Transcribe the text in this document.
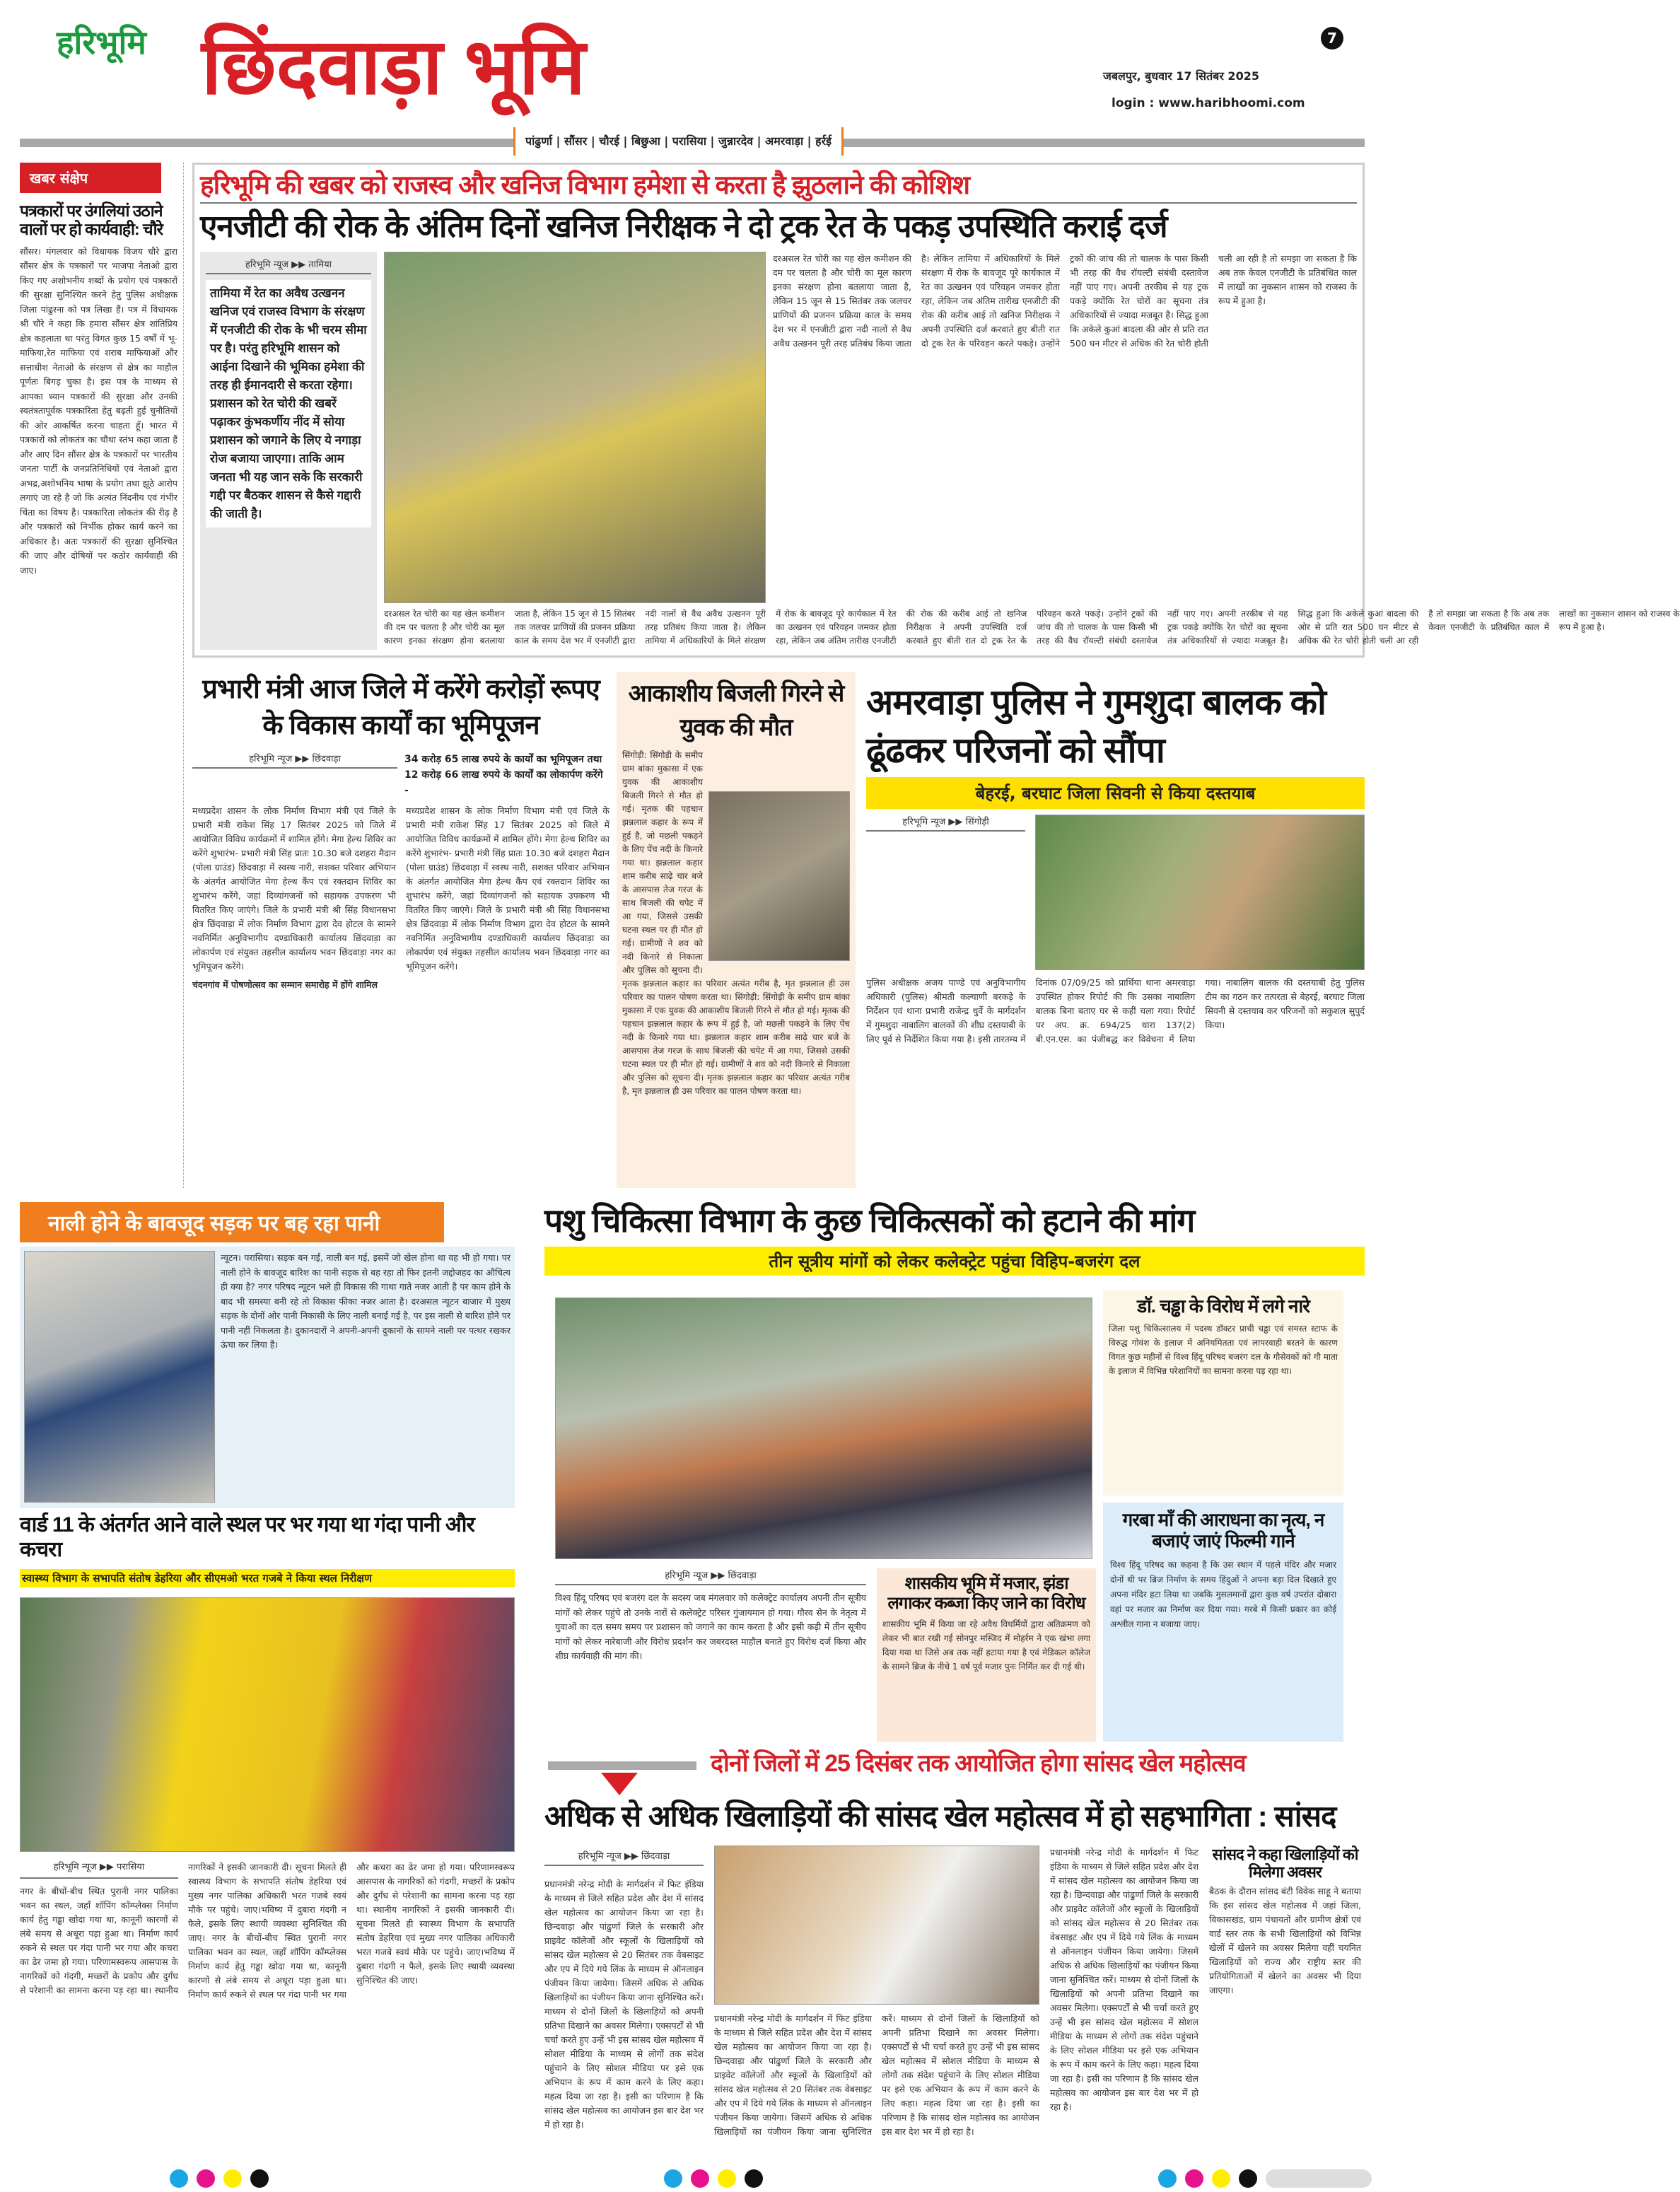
हरिभूमि छिंदवाड़ा भूमि	7
जबलपुर, बुधवार 17 सितंबर 2025
login : www.haribhoomi.com
पांढुर्णा | सौंसर | चौरई | बिछुआ | परासिया | जुन्नारदेव | अमरवाड़ा | हर्रई
खबर संक्षेप
पत्रकारों पर उंगलियां उठाने वालों पर हो कार्यवाही: चौरे
सौंसर। मंगलवार को विधायक विजय चौरे द्वारा सौंसर क्षेत्र के पत्रकारों पर भाजपा नेताओ द्वारा किए गए अशोभनीय शब्दों के प्रयोग एवं पत्रकारों की सुरक्षा सुनिश्चित करने हेतु पुलिस अधीक्षक जिला पांढुरना को पत्र लिखा हैं। पत्र में विधायक श्री चौरे ने कहा कि हमारा सौंसर क्षेत्र शांतिप्रिय क्षेत्र कहलाता था परंतु विगत कुछ 15 वर्षों में भू-माफिया,रेत माफिया एवं शराब माफियाओं और सत्ताधीश नेताओ के संरक्षण से क्षेत्र का माहौल पूर्णतः बिगड़ चुका है। इस पत्र के माध्यम से आपका ध्यान पत्रकारों की सुरक्षा और उनकी स्वतंत्रतापूर्वक पत्रकारिता हेतु बढ़ती हुई चुनौतियों की ओर आकर्षित करना चाहता हूँ। भारत में पत्रकारों को लोकतंत्र का चौथा स्तंभ कहा जाता हैं और आए दिन सौंसर क्षेत्र के पत्रकारों पर भारतीय जनता पार्टी के जनप्रतिनिधियों एवं नेताओ द्वारा अभद्र,अशोभनिय भाषा के प्रयोग तथा झूठे आरोप लगाएं जा रहे है जो कि अत्यंत निंदनीय एवं गंभीर चिंता का विषय है। पत्रकारिता लोकतंत्र की रीढ़ है और पत्रकारों को निर्भीक होकर कार्य करने का अधिकार है। अतः पत्रकारों की सुरक्षा सुनिश्चित की जाए और दोषियों पर कठोर कार्यवाही की जाए।
हरिभूमि की खबर को राजस्व और खनिज विभाग हमेशा से करता है झुठलाने की कोशिश
एनजीटी की रोक के अंतिम दिनों खनिज निरीक्षक ने दो ट्रक रेत के पकड़ उपस्थिति कराई दर्ज
हरिभूमि न्यूज ▶▶ तामिया
तामिया में रेत का अवैध उत्खनन खनिज एवं राजस्व विभाग के संरक्षण में एनजीटी की रोक के भी चरम सीमा पर है। परंतु हरिभूमि शासन को आईना दिखाने की भूमिका हमेशा की तरह ही ईमानदारी से करता रहेगा। प्रशासन को रेत चोरी की खबरें पढ़ाकर कुंभकर्णीय नींद में सोया प्रशासन को जगाने के लिए ये नगाड़ा रोज बजाया जाएगा। ताकि आम जनता भी यह जान सके कि सरकारी गद्दी पर बैठकर शासन से कैसे गद्दारी की जाती है।
दरअसल रेत चोरी का यह खेल कमीशन की दम पर चलता है और चोरी का मूल कारण इनका संरक्षण होना बतलाया जाता है, लेकिन 15 जून से 15 सितंबर तक जलचर प्राणियों की प्रजनन प्रक्रिया काल के समय देश भर में एनजीटी द्वारा नदी नालों से वैध अवैध उत्खनन पूरी तरह प्रतिबंध किया जाता है। लेकिन तामिया में अधिकारियों के मिले संरक्षण में रोक के बावजूद पूरे कार्यकाल में रेत का उत्खनन एवं परिवहन जमकर होता रहा, लेकिन जब अंतिम तारीख एनजीटी की रोक की करीब आई तो खनिज निरीक्षक ने अपनी उपस्थिति दर्ज करवाते हुए बीती रात दो ट्रक रेत के परिवहन करते पकड़े। उन्होंने ट्रकों की जांच की तो चालक के पास किसी भी तरह की वैध रॉयल्टी संबंधी दस्तावेज नहीं पाए गए। अपनी तरकीब से यह ट्रक पकड़े क्योंकि रेत चोरों का सूचना तंत्र अधिकारियों से ज्यादा मजबूत है। सिद्ध हुआ कि अकेले कुआं बादला की ओर से प्रति रात 500 घन मीटर से अधिक की रेत चोरी होती चली आ रही है तो समझा जा सकता है कि अब तक केवल एनजीटी के प्रतिबंधित काल में लाखों का नुकसान शासन को राजस्व के रूप में हुआ है।
दरअसल रेत चोरी का यह खेल कमीशन की दम पर चलता है और चोरी का मूल कारण इनका संरक्षण होना बतलाया जाता है, लेकिन 15 जून से 15 सितंबर तक जलचर प्राणियों की प्रजनन प्रक्रिया काल के समय देश भर में एनजीटी द्वारा नदी नालों से वैध अवैध उत्खनन पूरी तरह प्रतिबंध किया जाता है। लेकिन तामिया में अधिकारियों के मिले संरक्षण में रोक के बावजूद पूरे कार्यकाल में रेत का उत्खनन एवं परिवहन जमकर होता रहा, लेकिन जब अंतिम तारीख एनजीटी की रोक की करीब आई तो खनिज निरीक्षक ने अपनी उपस्थिति दर्ज करवाते हुए बीती रात दो ट्रक रेत के परिवहन करते पकड़े। उन्होंने ट्रकों की जांच की तो चालक के पास किसी भी तरह की वैध रॉयल्टी संबंधी दस्तावेज नहीं पाए गए। अपनी तरकीब से यह ट्रक पकड़े क्योंकि रेत चोरों का सूचना तंत्र अधिकारियों से ज्यादा मजबूत है। सिद्ध हुआ कि अकेले कुआं बादला की ओर से प्रति रात 500 घन मीटर से अधिक की रेत चोरी होती चली आ रही है तो समझा जा सकता है कि अब तक केवल एनजीटी के प्रतिबंधित काल में लाखों का नुकसान शासन को राजस्व के रूप में हुआ है।
प्रभारी मंत्री आज जिले में करेंगे करोड़ों रूपए के विकास कार्यों का भूमिपूजन
हरिभूमि न्यूज ▶▶ छिंदवाड़ा	34 करोड़ 65 लाख रुपये के कार्यों का भूमिपूजन तथा 12 करोड़ 66 लाख रुपये के कार्यों का लोकार्पण करेंगे -
मध्यप्रदेश शासन के लोक निर्माण विभाग मंत्री एवं जिले के प्रभारी मंत्री राकेश सिंह 17 सितंबर 2025 को जिले में आयोजित विविध कार्यक्रमों में शामिल होंगे। मेगा हेल्थ शिविर का करेंगे शुभारंभ- प्रभारी मंत्री सिंह प्रातः 10.30 बजे दशहरा मैदान (पोला ग्राउंड) छिंदवाड़ा में स्वस्थ नारी, सशक्त परिवार अभियान के अंतर्गत आयोजित मेगा हेल्थ कैंप एवं रक्तदान शिविर का शुभारंभ करेंगे, जहां दिव्यांगजनों को सहायक उपकरण भी वितरित किए जाएंगे। जिले के प्रभारी मंत्री श्री सिंह विधानसभा क्षेत्र छिंदवाड़ा में लोक निर्माण विभाग द्वारा देव होटल के सामने नवनिर्मित अनुविभागीय दण्डाधिकारी कार्यालय छिंदवाड़ा का लोकार्पण एवं संयुक्त तहसील कार्यालय भवन छिंदवाड़ा नगर का भूमिपूजन करेंगे।
चंदनगांव में पोषणोत्सव का सम्मान समारोह में होंगे शामिल
मध्यप्रदेश शासन के लोक निर्माण विभाग मंत्री एवं जिले के प्रभारी मंत्री राकेश सिंह 17 सितंबर 2025 को जिले में आयोजित विविध कार्यक्रमों में शामिल होंगे। मेगा हेल्थ शिविर का करेंगे शुभारंभ- प्रभारी मंत्री सिंह प्रातः 10.30 बजे दशहरा मैदान (पोला ग्राउंड) छिंदवाड़ा में स्वस्थ नारी, सशक्त परिवार अभियान के अंतर्गत आयोजित मेगा हेल्थ कैंप एवं रक्तदान शिविर का शुभारंभ करेंगे, जहां दिव्यांगजनों को सहायक उपकरण भी वितरित किए जाएंगे। जिले के प्रभारी मंत्री श्री सिंह विधानसभा क्षेत्र छिंदवाड़ा में लोक निर्माण विभाग द्वारा देव होटल के सामने नवनिर्मित अनुविभागीय दण्डाधिकारी कार्यालय छिंदवाड़ा का लोकार्पण एवं संयुक्त तहसील कार्यालय भवन छिंदवाड़ा नगर का भूमिपूजन करेंगे।
आकाशीय बिजली गिरने से युवक की मौत
सिंगोड़ी: सिंगोड़ी के समीप ग्राम बांका मुकासा में एक युवक की आकाशीय बिजली गिरने से मौत हो गई। मृतक की पहचान झन्नलाल कहार के रूप में हुई है, जो मछली पकड़ने के लिए पेंच नदी के किनारे गया था। झन्नलाल कहार शाम करीब साढ़े चार बजे के आसपास तेज गरज के साथ बिजली की चपेट में आ गया, जिससे उसकी घटना स्थल पर ही मौत हो गई। ग्रामीणों ने शव को नदी किनारे से निकाला और पुलिस को सूचना दी। मृतक झन्नलाल कहार का परिवार अत्यंत गरीब है, मृत झन्नलाल ही उस परिवार का पालन पोषण करता था। सिंगोड़ी: सिंगोड़ी के समीप ग्राम बांका मुकासा में एक युवक की आकाशीय बिजली गिरने से मौत हो गई। मृतक की पहचान झन्नलाल कहार के रूप में हुई है, जो मछली पकड़ने के लिए पेंच नदी के किनारे गया था। झन्नलाल कहार शाम करीब साढ़े चार बजे के आसपास तेज गरज के साथ बिजली की चपेट में आ गया, जिससे उसकी घटना स्थल पर ही मौत हो गई। ग्रामीणों ने शव को नदी किनारे से निकाला और पुलिस को सूचना दी। मृतक झन्नलाल कहार का परिवार अत्यंत गरीब है, मृत झन्नलाल ही उस परिवार का पालन पोषण करता था।
अमरवाड़ा पुलिस ने गुमशुदा बालक को ढूंढकर परिजनों को सौंपा
बेहरई, बरघाट जिला सिवनी से किया दस्तयाब
हरिभूमि न्यूज ▶▶ सिंगोड़ी
पुलिस अधीक्षक अजय पाण्डे एवं अनुविभागीय अधिकारी (पुलिस) श्रीमती कल्याणी बरकड़े के निर्देशन एवं थाना प्रभारी राजेन्द्र धुर्वे के मार्गदर्शन में गुमशुदा नाबालिग बालकों की शीघ्र दस्तयाबी के लिए पूर्व से निर्देशित किया गया है। इसी तारतम्य में दिनांक 07/09/25 को प्रार्थिया थाना अमरवाड़ा उपस्थित होकर रिपोर्ट की कि उसका नाबालिग बालक बिना बताए घर से कहीं चला गया। रिपोर्ट पर अप. क्र. 694/25 धारा 137(2) बी.एन.एस. का पंजीबद्ध कर विवेचना में लिया गया। नाबालिग बालक की दस्तयाबी हेतु पुलिस टीम का गठन कर तत्परता से बेहरई, बरघाट जिला सिवनी से दस्तयाब कर परिजनों को सकुशल सुपुर्द किया।
नाली होने के बावजूद सड़क पर बह रहा पानी
न्यूटन। परासिया। सड़क बन गई, नाली बन गई, इसमें जो खेल होना था वह भी हो गया। पर नाली होने के बावजूद बारिश का पानी सड़क से बह रहा तो फिर इतनी जद्दोजहद का औचित्य ही क्या है? नगर परिषद न्यूटन भले ही विकास की गाथा गाते नजर आती है पर काम होने के बाद भी समस्या बनी रहे तो विकास फीका नजर आता है। दरअसल न्यूटन बाजार में मुख्य सड़क के दोनों ओर पानी निकासी के लिए नाली बनाई गई है, पर इस नाली से बारिश होने पर पानी नहीं निकलता है। दुकानदारों ने अपनी-अपनी दुकानों के सामने नाली पर पत्थर रखकर ऊंचा कर लिया है।
पशु चिकित्सा विभाग के कुछ चिकित्सकों को हटाने की मांग
तीन सूत्रीय मांगों को लेकर कलेक्ट्रेट पहुंचा विहिप-बजरंग दल
डॉ. चड्ढा के विरोध में लगे नारे
जिला पशु चिकित्सालय में पदस्थ डॉक्टर प्राची चड्ढा एवं समस्त स्टाफ के विरुद्ध गोवंश के इलाज में अनियमितता एवं लापरवाही बरतने के कारण विगत कुछ महीनों से विश्व हिंदू परिषद बजरंग दल के गौसेवकों को गौ माता के इलाज में विभिन्न परेशानियों का सामना करना पड़ रहा था।
हरिभूमि न्यूज ▶▶ छिंदवाड़ा
विश्व हिंदू परिषद एवं बजरंग दल के सदस्य जब मंगलवार को कलेक्ट्रेट कार्यालय अपनी तीन सूत्रीय मांगों को लेकर पहुंचे तो उनके नारों से कलेक्ट्रेट परिसर गुंजायमान हो गया। गौरव सेन के नेतृत्व में युवाओं का दल समय समय पर प्रशासन को जगाने का काम करता है और इसी कड़ी में तीन सूत्रीय मांगों को लेकर नारेबाजी और विरोध प्रदर्शन कर जबरदस्त माहौल बनाते हुए विरोध दर्ज किया और शीघ्र कार्यवाही की मांग की।
शासकीय भूमि में मजार, झंडा लगाकर कब्जा किए जाने का विरोध
शासकीय भूमि में किया जा रहे अवैध विधर्मियों द्वारा अतिक्रमण को लेकर भी बात रखी गई सोनपुर मस्जिद में मोहर्रम ने एक खंभा लगा दिया गया था जिसे अब तक नहीं हटाया गया है एवं मेडिकल कॉलेज के सामने ब्रिज के नीचे 1 वर्ष पूर्व मजार पुनः निर्मित कर दी गई थी।
गरबा माँ की आराधना का नृत्य, न बजाएं जाएं फिल्मी गाने
विश्व हिंदू परिषद का कहना है कि उस स्थान में पहले मंदिर और मजार दोनों थी पर ब्रिज निर्माण के समय हिंदुओं ने अपना बड़ा दिल दिखाते हुए अपना मंदिर हटा लिया था जबकि मुसलमानों द्वारा कुछ वर्ष उपरांत दोबारा वहां पर मजार का निर्माण कर दिया गया। गरबे में किसी प्रकार का कोई अश्लील गाना न बजाया जाए।
वार्ड 11 के अंतर्गत आने वाले स्थल पर भर गया था गंदा पानी और कचरा
स्वास्थ्य विभाग के सभापति संतोष डेहरिया और सीएमओ भरत गजबे ने किया स्थल निरीक्षण
हरिभूमि न्यूज ▶▶ परासिया
नगर के बीचों-बीच स्थित पुरानी नगर पालिका भवन का स्थल, जहाँ शॉपिंग कॉम्प्लेक्स निर्माण कार्य हेतु गड्ढा खोदा गया था, कानूनी कारणों से लंबे समय से अधूरा पड़ा हुआ था। निर्माण कार्य रुकने से स्थल पर गंदा पानी भर गया और कचरा का ढेर जमा हो गया। परिणामस्वरूप आसपास के नागरिकों को गंदगी, मच्छरों के प्रकोप और दुर्गंध से परेशानी का सामना करना पड़ रहा था। स्थानीय नागरिकों ने इसकी जानकारी दी। सूचना मिलते ही स्वास्थ्य विभाग के सभापति संतोष डेहरिया एवं मुख्य नगर पालिका अधिकारी भरत गजबे स्वयं मौके पर पहुंचे। जाए।भविष्य में दुबारा गंदगी न फैले, इसके लिए स्थायी व्यवस्था सुनिश्चित की जाए। नगर के बीचों-बीच स्थित पुरानी नगर पालिका भवन का स्थल, जहाँ शॉपिंग कॉम्प्लेक्स निर्माण कार्य हेतु गड्ढा खोदा गया था, कानूनी कारणों से लंबे समय से अधूरा पड़ा हुआ था। निर्माण कार्य रुकने से स्थल पर गंदा पानी भर गया और कचरा का ढेर जमा हो गया। परिणामस्वरूप आसपास के नागरिकों को गंदगी, मच्छरों के प्रकोप और दुर्गंध से परेशानी का सामना करना पड़ रहा था। स्थानीय नागरिकों ने इसकी जानकारी दी। सूचना मिलते ही स्वास्थ्य विभाग के सभापति संतोष डेहरिया एवं मुख्य नगर पालिका अधिकारी भरत गजबे स्वयं मौके पर पहुंचे। जाए।भविष्य में दुबारा गंदगी न फैले, इसके लिए स्थायी व्यवस्था सुनिश्चित की जाए।
दोनों जिलों में 25 दिसंबर तक आयोजित होगा सांसद खेल महोत्सव
अधिक से अधिक खिलाड़ियों की सांसद खेल महोत्सव में हो सहभागिता : सांसद
हरिभूमि न्यूज ▶▶ छिंदवाड़ा
प्रधानमंत्री नरेन्द्र मोदी के मार्गदर्शन में फिट इंडिया के माध्यम से जिले सहित प्रदेश और देश में सांसद खेल महोत्सव का आयोजन किया जा रहा है। छिन्दवाड़ा और पांढुर्णा जिले के सरकारी और प्राइवेट कॉलेजों और स्कूलों के खिलाड़ियों को सांसद खेल महोत्सव से 20 सितंबर तक वेबसाइट और एप में दिये गये लिंक के माध्यम से ऑनलाइन पंजीयन किया जायेगा। जिसमें अधिक से अधिक खिलाड़ियों का पंजीयन किया जाना सुनिश्चित करें। माध्यम से दोनों जिलों के खिलाड़ियों को अपनी प्रतिभा दिखाने का अवसर मिलेगा। एक्सपर्टों से भी चर्चा करते हुए उन्हें भी इस सांसद खेल महोत्सव में सोशल मीडिया के माध्यम से लोगों तक संदेश पहुंचाने के लिए सोशल मीडिया पर इसे एक अभियान के रूप में काम करने के लिए कहा। महत्व दिया जा रहा है। इसी का परिणाम है कि सांसद खेल महोत्सव का आयोजन इस बार देश भर में हो रहा है।
प्रधानमंत्री नरेन्द्र मोदी के मार्गदर्शन में फिट इंडिया के माध्यम से जिले सहित प्रदेश और देश में सांसद खेल महोत्सव का आयोजन किया जा रहा है। छिन्दवाड़ा और पांढुर्णा जिले के सरकारी और प्राइवेट कॉलेजों और स्कूलों के खिलाड़ियों को सांसद खेल महोत्सव से 20 सितंबर तक वेबसाइट और एप में दिये गये लिंक के माध्यम से ऑनलाइन पंजीयन किया जायेगा। जिसमें अधिक से अधिक खिलाड़ियों का पंजीयन किया जाना सुनिश्चित करें। माध्यम से दोनों जिलों के खिलाड़ियों को अपनी प्रतिभा दिखाने का अवसर मिलेगा। एक्सपर्टों से भी चर्चा करते हुए उन्हें भी इस सांसद खेल महोत्सव में सोशल मीडिया के माध्यम से लोगों तक संदेश पहुंचाने के लिए सोशल मीडिया पर इसे एक अभियान के रूप में काम करने के लिए कहा। महत्व दिया जा रहा है। इसी का परिणाम है कि सांसद खेल महोत्सव का आयोजन इस बार देश भर में हो रहा है।
प्रधानमंत्री नरेन्द्र मोदी के मार्गदर्शन में फिट इंडिया के माध्यम से जिले सहित प्रदेश और देश में सांसद खेल महोत्सव का आयोजन किया जा रहा है। छिन्दवाड़ा और पांढुर्णा जिले के सरकारी और प्राइवेट कॉलेजों और स्कूलों के खिलाड़ियों को सांसद खेल महोत्सव से 20 सितंबर तक वेबसाइट और एप में दिये गये लिंक के माध्यम से ऑनलाइन पंजीयन किया जायेगा। जिसमें अधिक से अधिक खिलाड़ियों का पंजीयन किया जाना सुनिश्चित करें। माध्यम से दोनों जिलों के खिलाड़ियों को अपनी प्रतिभा दिखाने का अवसर मिलेगा। एक्सपर्टों से भी चर्चा करते हुए उन्हें भी इस सांसद खेल महोत्सव में सोशल मीडिया के माध्यम से लोगों तक संदेश पहुंचाने के लिए सोशल मीडिया पर इसे एक अभियान के रूप में काम करने के लिए कहा। महत्व दिया जा रहा है। इसी का परिणाम है कि सांसद खेल महोत्सव का आयोजन इस बार देश भर में हो रहा है।
सांसद ने कहा खिलाड़ियों को मिलेगा अवसर
बैठक के दौरान सांसद बंटी विवेक साहू ने बताया कि इस सांसद खेल महोत्सव में जहां जिला, विकासखंड, ग्राम पंचायतों और ग्रामीण क्षेत्रों एवं वार्ड स्तर तक के सभी खिलाड़ियों को विभिन्न खेलों में खेलने का अवसर मिलेगा वहीं चयनित खिलाड़ियों को राज्य और राष्ट्रीय स्तर की प्रतियोगिताओं में खेलने का अवसर भी दिया जाएगा।
